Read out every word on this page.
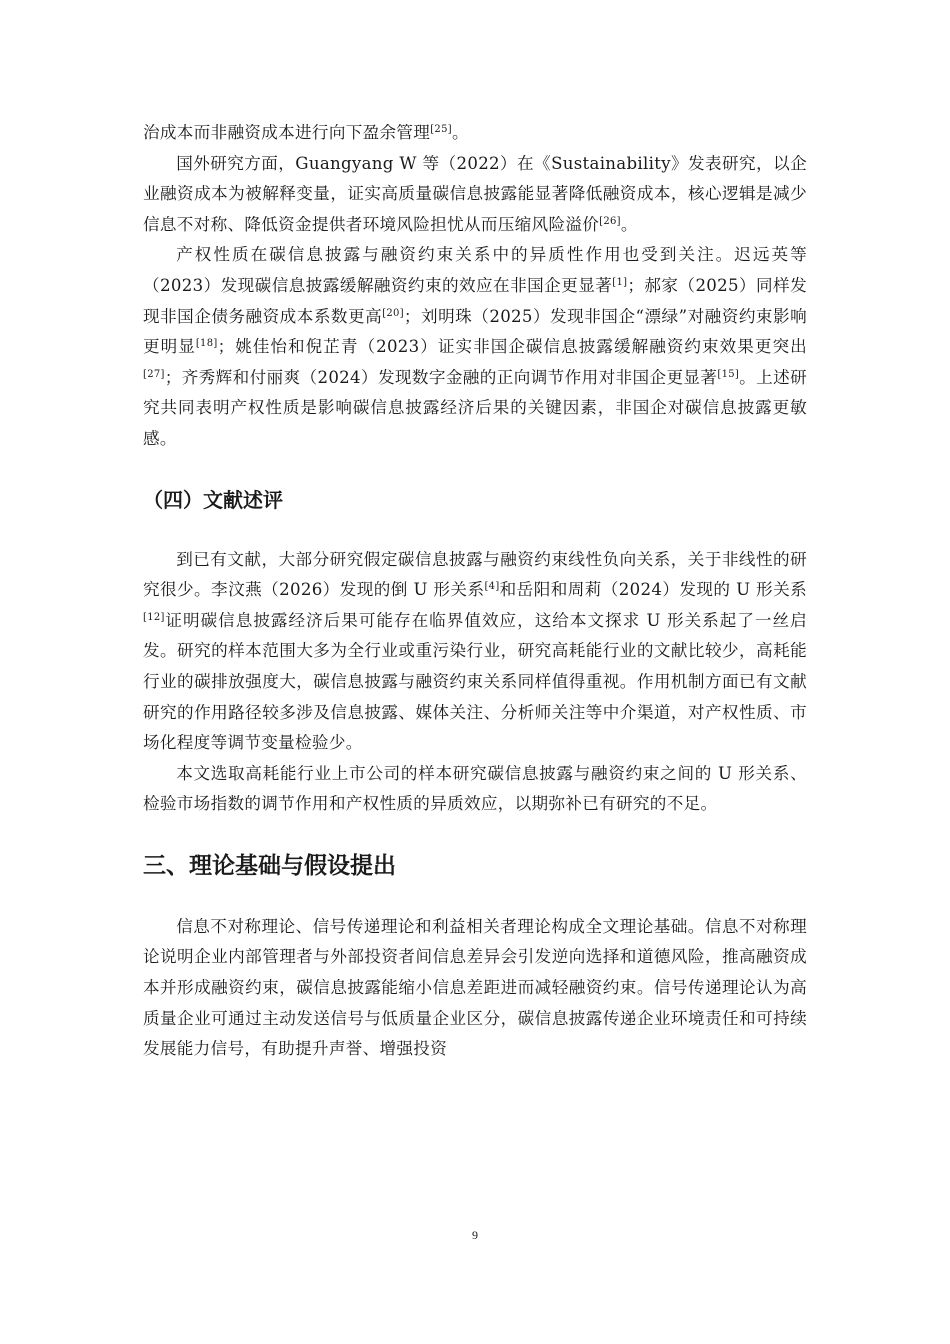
治成本而非融资成本进行向下盈余管理[25]。

国外研究方面，Guangyang W 等（2022）在《Sustainability》发表研究，以企业融资成本为被解释变量，证实高质量碳信息披露能显著降低融资成本，核心逻辑是减少信息不对称、降低资金提供者环境风险担忧从而压缩风险溢价[26]。

产权性质在碳信息披露与融资约束关系中的异质性作用也受到关注。迟远英等（2023）发现碳信息披露缓解融资约束的效应在非国企更显著[1]；郝家（2025）同样发现非国企债务融资成本系数更高[20]；刘明珠（2025）发现非国企“漂绿”对融资约束影响更明显[18]；姚佳怡和倪芷青（2023）证实非国企碳信息披露缓解融资约束效果更突出[27]；齐秀辉和付丽爽（2024）发现数字金融的正向调节作用对非国企更显著[15]。上述研究共同表明产权性质是影响碳信息披露经济后果的关键因素，非国企对碳信息披露更敏感。

（四）文献述评

到已有文献，大部分研究假定碳信息披露与融资约束线性负向关系，关于非线性的研究很少。李汶燕（2026）发现的倒 U 形关系[4]和岳阳和周莉（2024）发现的 U 形关系[12]证明碳信息披露经济后果可能存在临界值效应，这给本文探求 U 形关系起了一丝启发。研究的样本范围大多为全行业或重污染行业，研究高耗能行业的文献比较少，高耗能行业的碳排放强度大，碳信息披露与融资约束关系同样值得重视。作用机制方面已有文献研究的作用路径较多涉及信息披露、媒体关注、分析师关注等中介渠道，对产权性质、市场化程度等调节变量检验少。

本文选取高耗能行业上市公司的样本研究碳信息披露与融资约束之间的 U 形关系、检验市场指数的调节作用和产权性质的异质效应，以期弥补已有研究的不足。

三、理论基础与假设提出

信息不对称理论、信号传递理论和利益相关者理论构成全文理论基础。信息不对称理论说明企业内部管理者与外部投资者间信息差异会引发逆向选择和道德风险，推高融资成本并形成融资约束，碳信息披露能缩小信息差距进而减轻融资约束。信号传递理论认为高质量企业可通过主动发送信号与低质量企业区分，碳信息披露传递企业环境责任和可持续发展能力信号，有助提升声誉、增强投资

9
